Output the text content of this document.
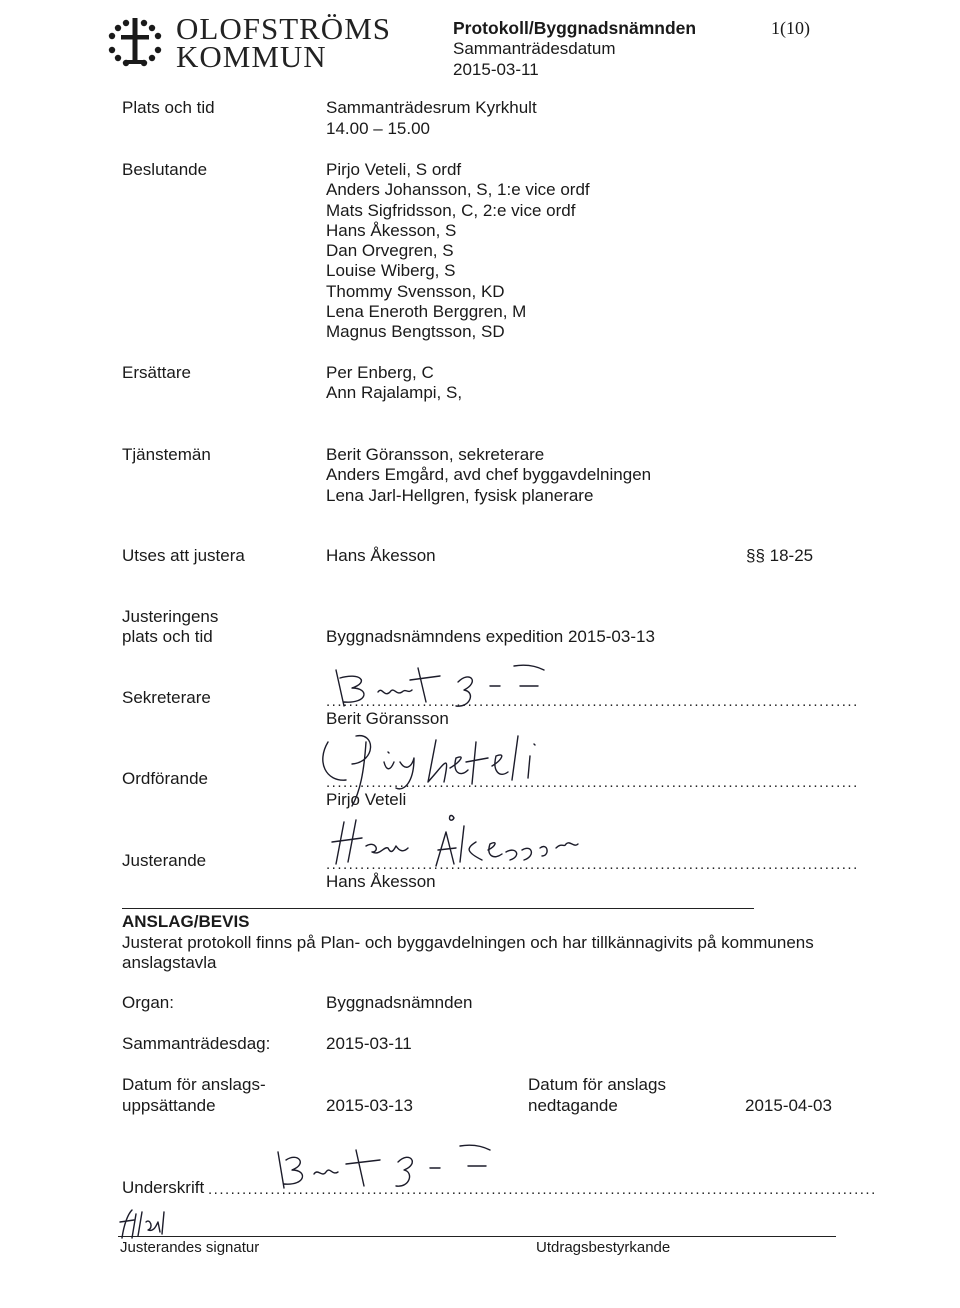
OLOFSTRÖMS
KOMMUN
Protokoll/Byggnadsnämnden
Sammanträdesdatum
2015-03-11
1(10)
Plats och tid	Sammanträdesrum Kyrkhult
14.00 – 15.00
Beslutande	Pirjo Veteli, S ordf
Anders Johansson, S, 1:e vice ordf
Mats Sigfridsson, C, 2:e vice ordf
Hans Åkesson, S
Dan Orvegren, S
Louise Wiberg, S
Thommy Svensson, KD
Lena Eneroth Berggren, M
Magnus Bengtsson, SD
Ersättare	Per Enberg, C
Ann Rajalampi, S,
Tjänstemän	Berit Göransson, sekreterare
Anders Emgård, avd chef byggavdelningen
Lena Jarl-Hellgren, fysisk planerare
Utses att justera	Hans Åkesson	§§ 18-25
Justeringens
plats och tid	Byggnadsnämndens expedition 2015-03-13
Sekreterare	..............................................................................................
Berit Göransson
Ordförande	..............................................................................................
Pirjo Veteli
Justerande	..............................................................................................
Hans Åkesson
ANSLAG/BEVIS
Justerat protokoll finns på Plan- och byggavdelningen och har tillkännagivits på kommunens
anslagstavla
Organ:	Byggnadsnämnden
Sammanträdesdag:	2015-03-11
Datum för anslags-
uppsättande	2015-03-13
Datum för anslags
nedtagande	2015-04-03
Underskrift ......................................................................................................................
Justerandes signatur	Utdragsbestyrkande
